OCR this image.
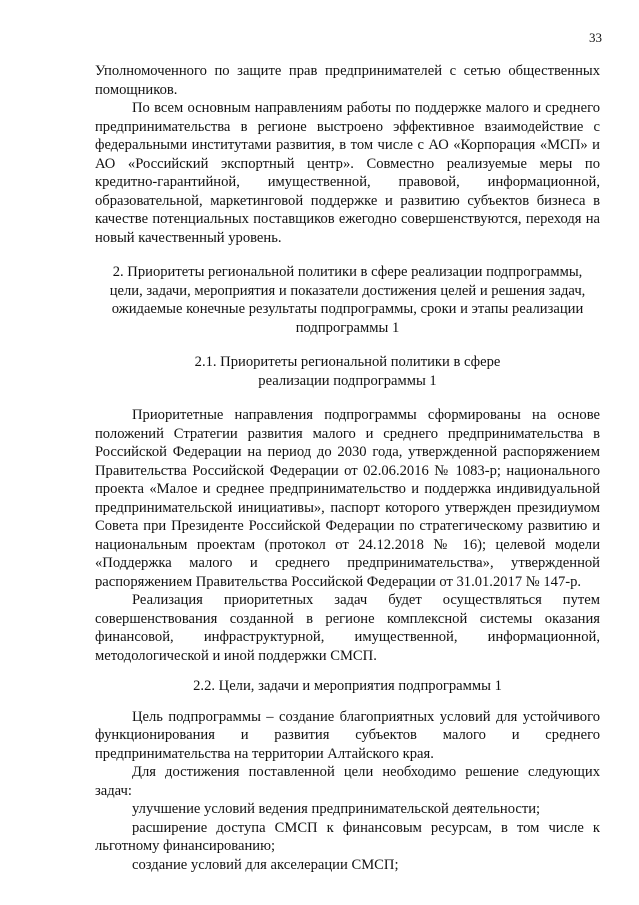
33

Уполномоченного по защите прав предпринимателей с сетью общественных помощников.

По всем основным направлениям работы по поддержке малого и среднего предпринимательства в регионе выстроено эффективное взаимодействие с федеральными институтами развития, в том числе с АО «Корпорация «МСП» и АО «Российский экспортный центр». Совместно реализуемые меры по кредитно-гарантийной, имущественной, правовой, информационной, образовательной, маркетинговой поддержке и развитию субъектов бизнеса в качестве потенциальных поставщиков ежегодно совершенствуются, переходя на новый качественный уровень.

2. Приоритеты региональной политики в сфере реализации подпрограммы, цели, задачи, мероприятия и показатели достижения целей и решения задач, ожидаемые конечные результаты подпрограммы, сроки и этапы реализации подпрограммы 1

2.1. Приоритеты региональной политики в сфере реализации подпрограммы 1

Приоритетные направления подпрограммы сформированы на основе положений Стратегии развития малого и среднего предпринимательства в Российской Федерации на период до 2030 года, утвержденной распоряжением Правительства Российской Федерации от 02.06.2016 № 1083-р; национального проекта «Малое и среднее предпринимательство и поддержка индивидуальной предпринимательской инициативы», паспорт которого утвержден президиумом Совета при Президенте Российской Федерации по стратегическому развитию и национальным проектам (протокол от 24.12.2018 № 16); целевой модели «Поддержка малого и среднего предпринимательства», утвержденной распоряжением Правительства Российской Федерации от 31.01.2017 № 147-р.

Реализация приоритетных задач будет осуществляться путем совершенствования созданной в регионе комплексной системы оказания финансовой, инфраструктурной, имущественной, информационной, методологической и иной поддержки СМСП.

2.2. Цели, задачи и мероприятия подпрограммы 1

Цель подпрограммы – создание благоприятных условий для устойчивого функционирования и развития субъектов малого и среднего предпринимательства на территории Алтайского края.

Для достижения поставленной цели необходимо решение следующих задач:

улучшение условий ведения предпринимательской деятельности;

расширение доступа СМСП к финансовым ресурсам, в том числе к льготному финансированию;

создание условий для акселерации СМСП;
